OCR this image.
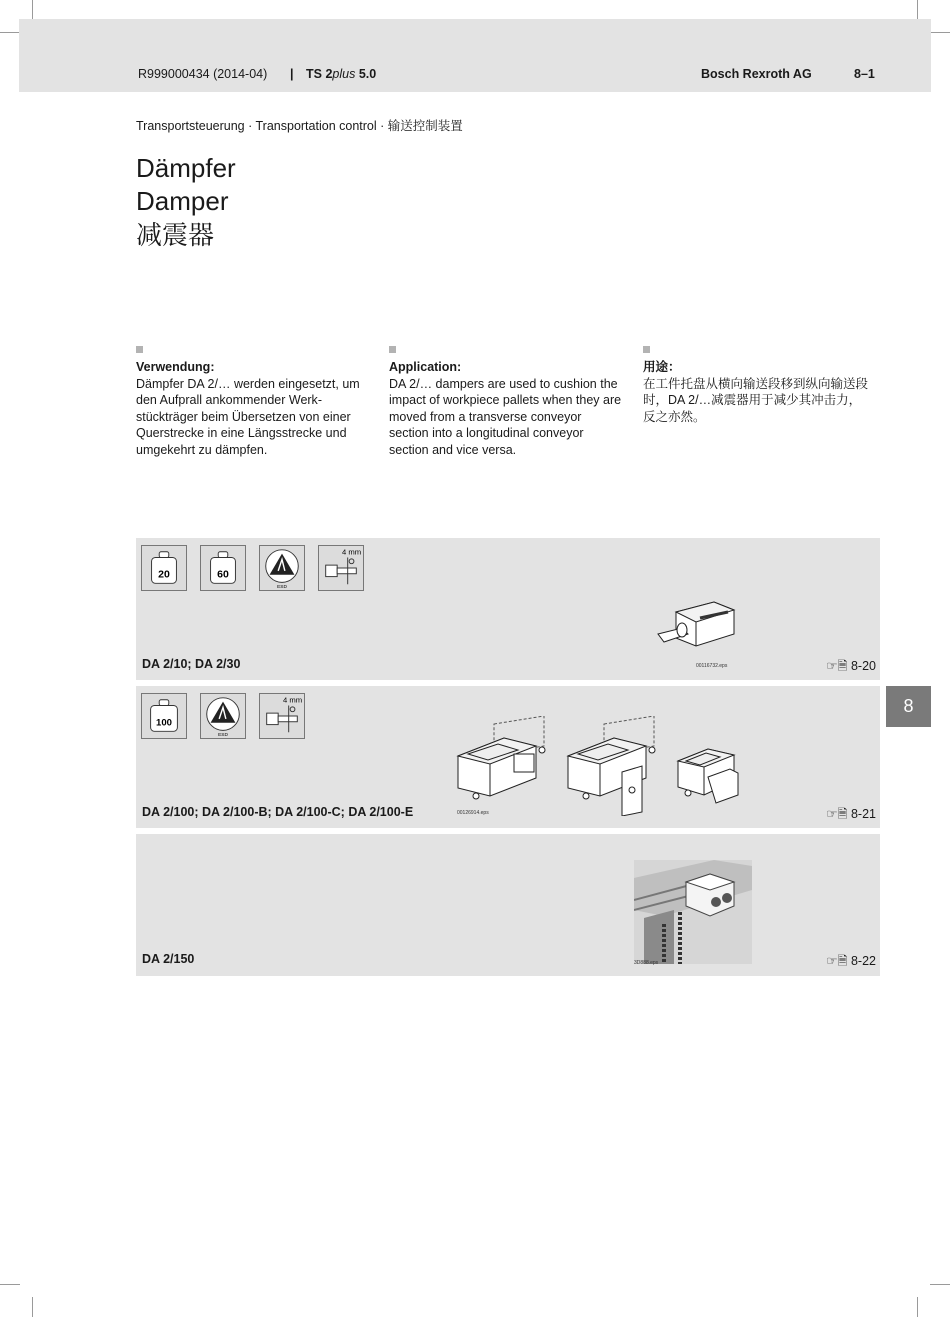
R999000434 (2014-04) | TS 2plus 5.0	Bosch Rexroth AG	8–1
Transportsteuerung · Transportation control · 输送控制装置
Dämpfer
Damper
减震器
Verwendung:
Dämpfer DA 2/… werden eingesetzt, um den Aufprall ankommender Werkstückträger beim Übersetzen von einer Querstrecke in eine Längsstrecke und umgekehrt zu dämpfen.
Application:
DA 2/… dampers are used to cushion the impact of workpiece pallets when they are moved from a transverse conveyor section into a longitudinal conveyor section and vice versa.
用途：
在工件托盘从横向输送段移到纵向输送段时，DA 2/…减震器用于减少其冲击力，反之亦然。
20	60
ESD
4 mm
00116732.eps
DA 2/10; DA 2/30	☞🗎 8-20
100
ESD
4 mm
00126914.eps
DA 2/100; DA 2/100-B; DA 2/100-C; DA 2/100-E	☞🗎 8-21
3D888.eps
DA 2/150	☞🗎 8-22
8
